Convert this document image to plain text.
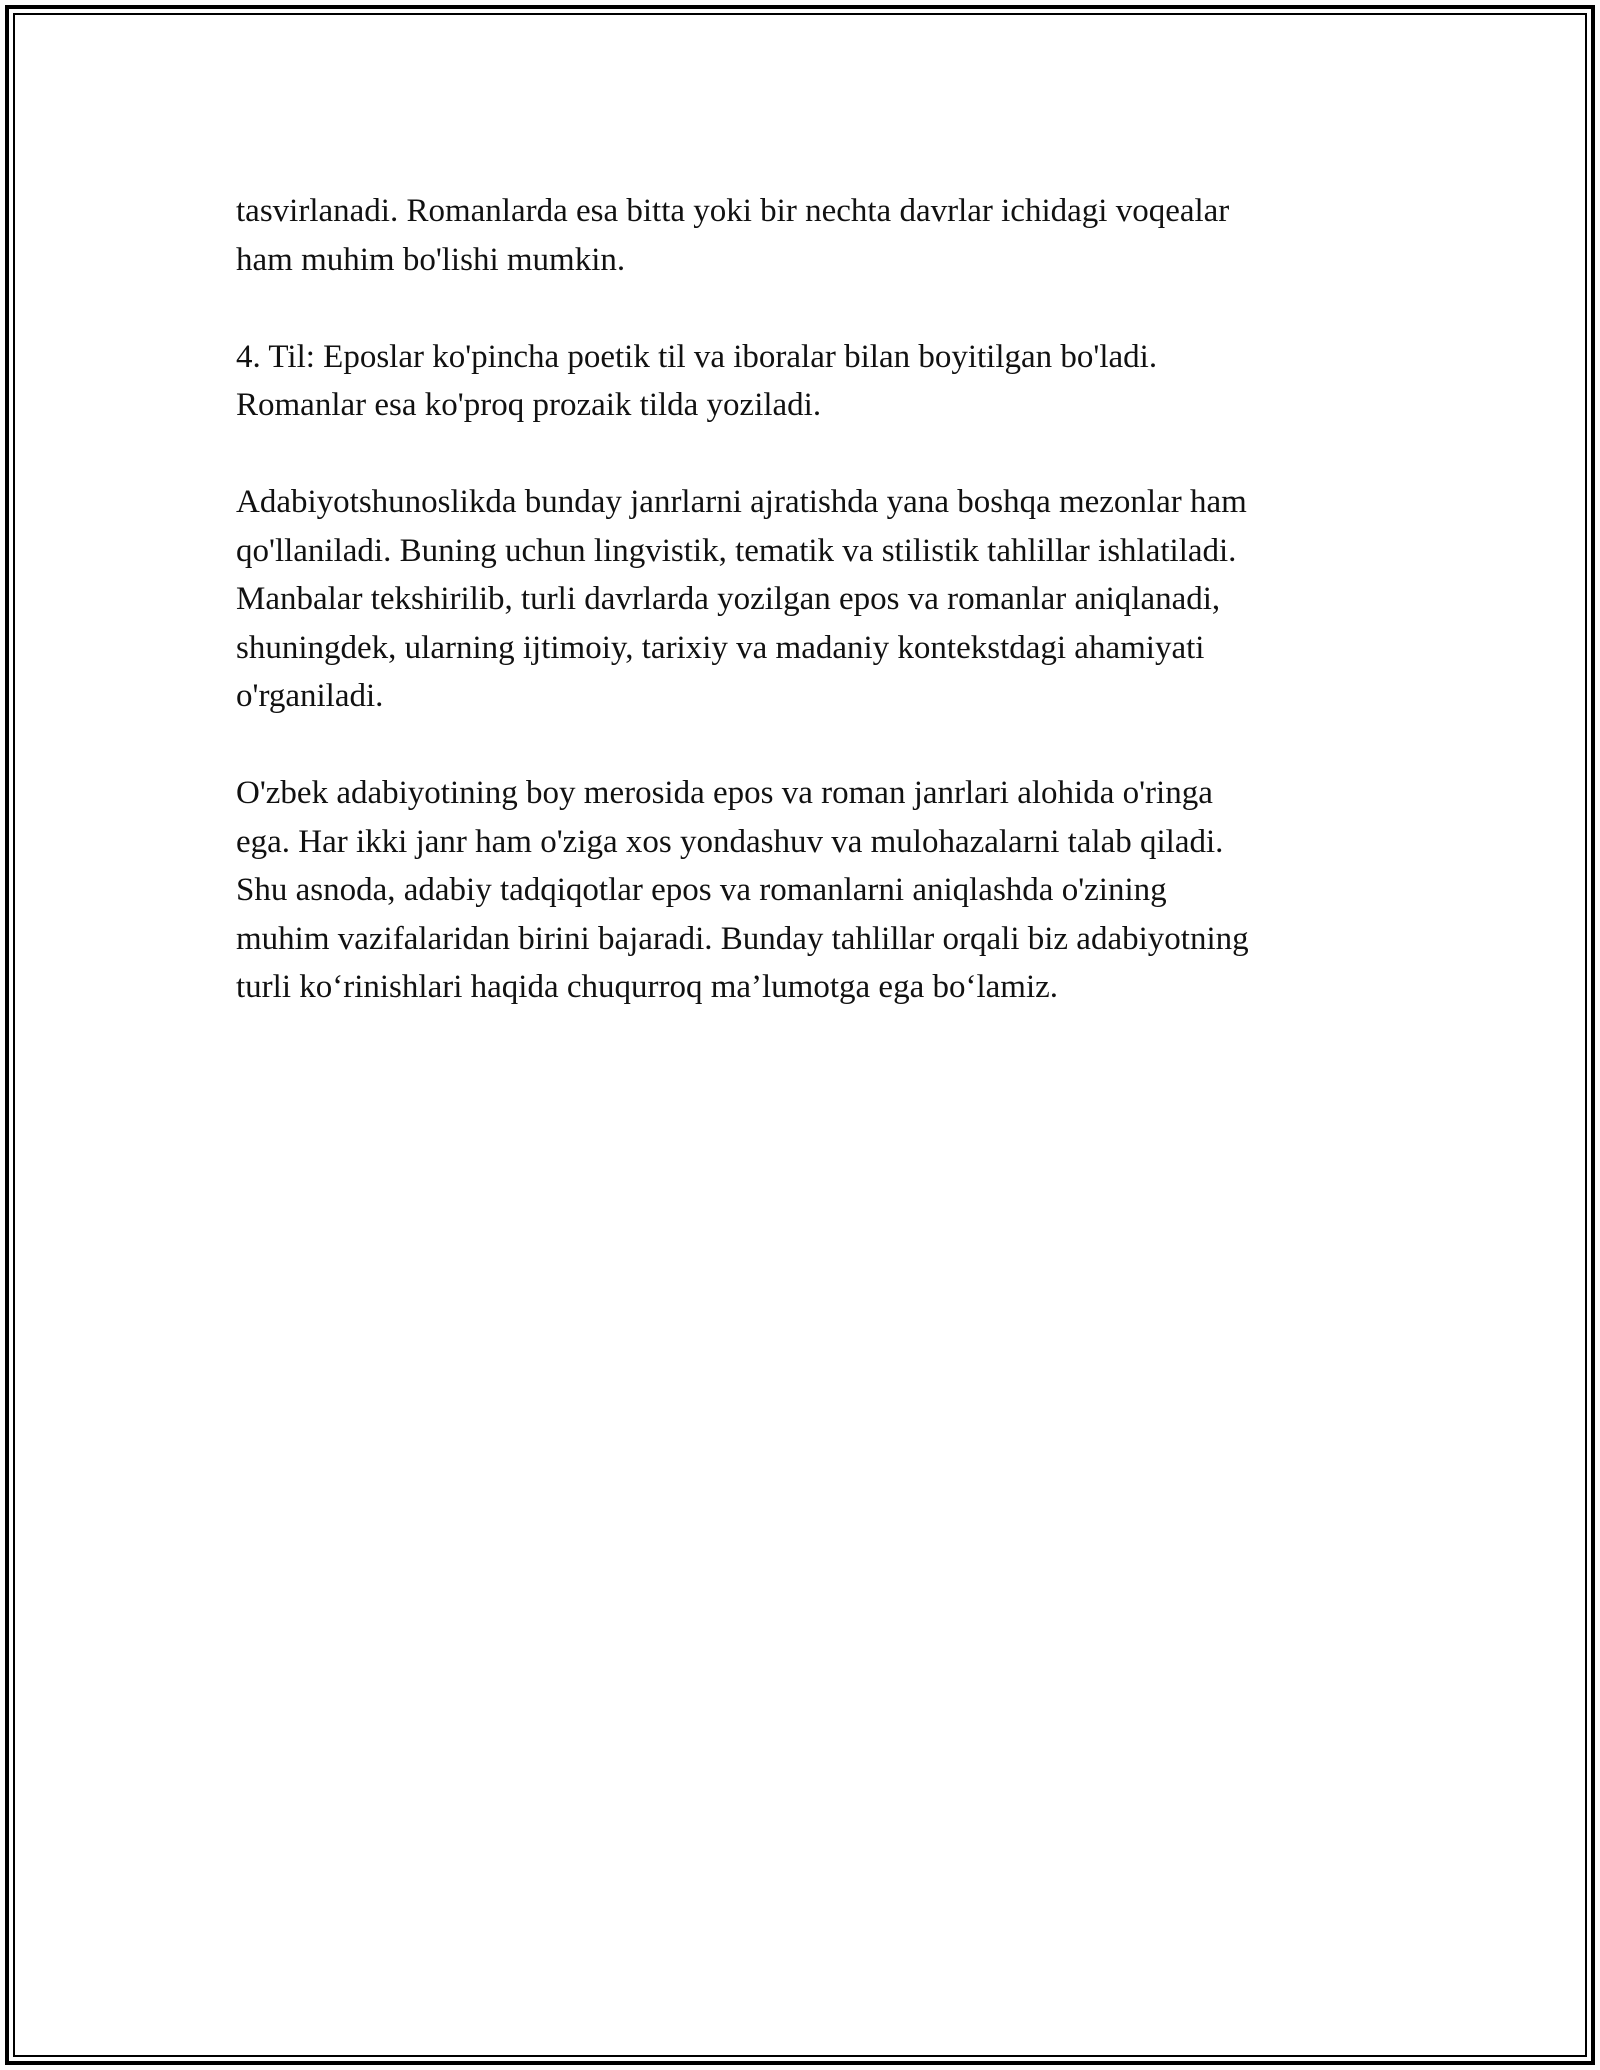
tasvirlanadi. Romanlarda esa bitta yoki bir nechta davrlar ichidagi voqealar
ham muhim bo'lishi mumkin.

4. Til: Eposlar ko'pincha poetik til va iboralar bilan boyitilgan bo'ladi.
Romanlar esa ko'proq prozaik tilda yoziladi.

Adabiyotshunoslikda bunday janrlarni ajratishda yana boshqa mezonlar ham
qo'llaniladi. Buning uchun lingvistik, tematik va stilistik tahlillar ishlatiladi.
Manbalar tekshirilib, turli davrlarda yozilgan epos va romanlar aniqlanadi,
shuningdek, ularning ijtimoiy, tarixiy va madaniy kontekstdagi ahamiyati
o'rganiladi.

O'zbek adabiyotining boy merosida epos va roman janrlari alohida o'ringa
ega. Har ikki janr ham o'ziga xos yondashuv va mulohazalarni talab qiladi.
Shu asnoda, adabiy tadqiqotlar epos va romanlarni aniqlashda o'zining
muhim vazifalaridan birini bajaradi. Bunday tahlillar orqali biz adabiyotning
turli ko‘rinishlari haqida chuqurroq ma’lumotga ega bo‘lamiz.
